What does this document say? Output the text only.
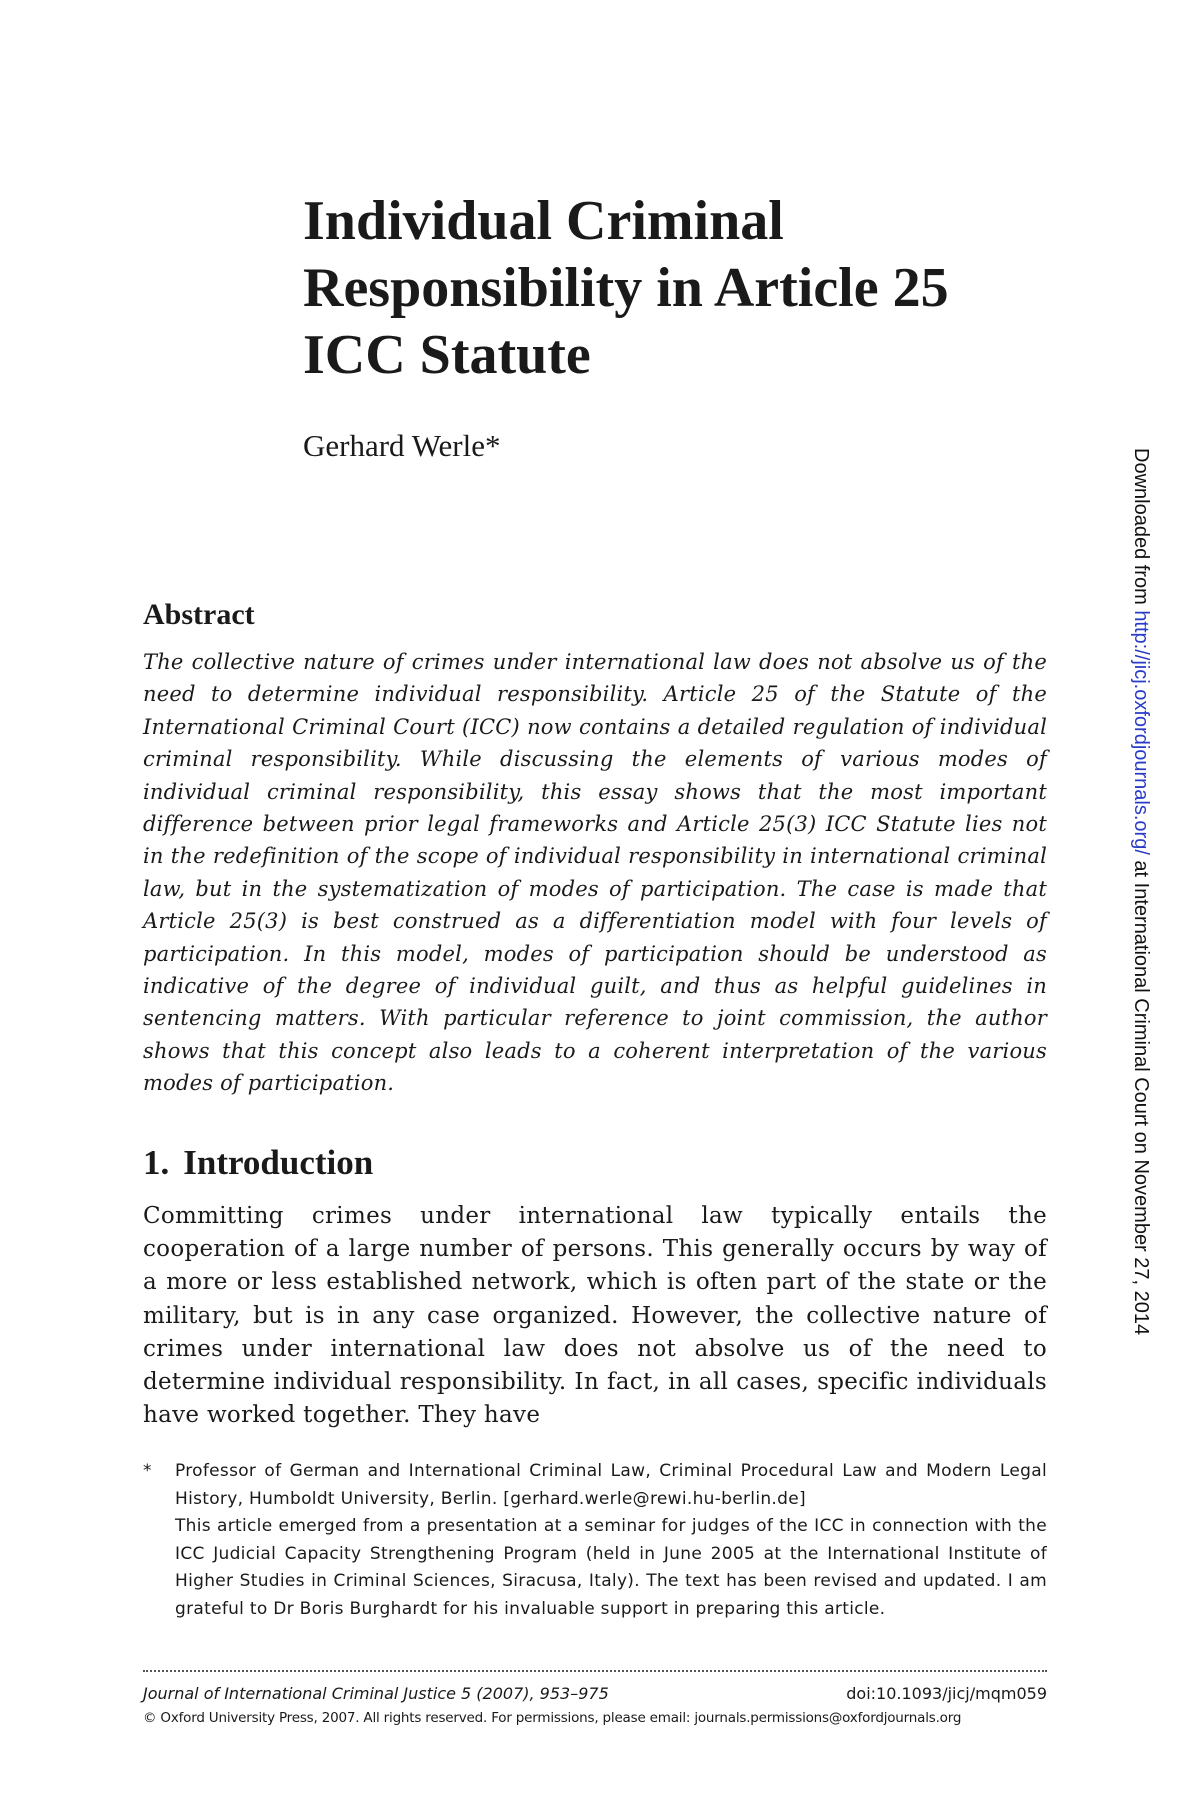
Individual Criminal
Responsibility in Article 25
ICC Statute
Gerhard Werle*
Abstract

The collective nature of crimes under international law does not absolve us of the need to determine individual responsibility. Article 25 of the Statute of the International Criminal Court (ICC) now contains a detailed regulation of individual criminal responsibility. While discussing the elements of various modes of individual criminal responsibility, this essay shows that the most important difference between prior legal frameworks and Article 25(3) ICC Statute lies not in the redefinition of the scope of individual responsibility in international criminal law, but in the systematization of modes of participation. The case is made that Article 25(3) is best construed as a differentiation model with four levels of participation. In this model, modes of participation should be understood as indicative of the degree of individual guilt, and thus as helpful guidelines in sentencing matters. With particular reference to joint commission, the author shows that this concept also leads to a coherent interpretation of the various modes of participation.

1. Introduction

Committing crimes under international law typically entails the cooperation of a large number of persons. This generally occurs by way of a more or less established network, which is often part of the state or the military, but is in any case organized. However, the collective nature of crimes under international law does not absolve us of the need to determine individual responsibility. In fact, in all cases, specific individuals have worked together. They have

* Professor of German and International Criminal Law, Criminal Procedural Law and Modern Legal History, Humboldt University, Berlin. [gerhard.werle@rewi.hu-berlin.de]

This article emerged from a presentation at a seminar for judges of the ICC in connection with the ICC Judicial Capacity Strengthening Program (held in June 2005 at the International Institute of Higher Studies in Criminal Sciences, Siracusa, Italy). The text has been revised and updated. I am grateful to Dr Boris Burghardt for his invaluable support in preparing this article.

Journal of International Criminal Justice 5 (2007), 953–975	doi:10.1093/jicj/mqm059
© Oxford University Press, 2007. All rights reserved. For permissions, please email: journals.permissions@oxfordjournals.org
Downloaded from http://jicj.oxfordjournals.org/ at International Criminal Court on November 27, 2014
